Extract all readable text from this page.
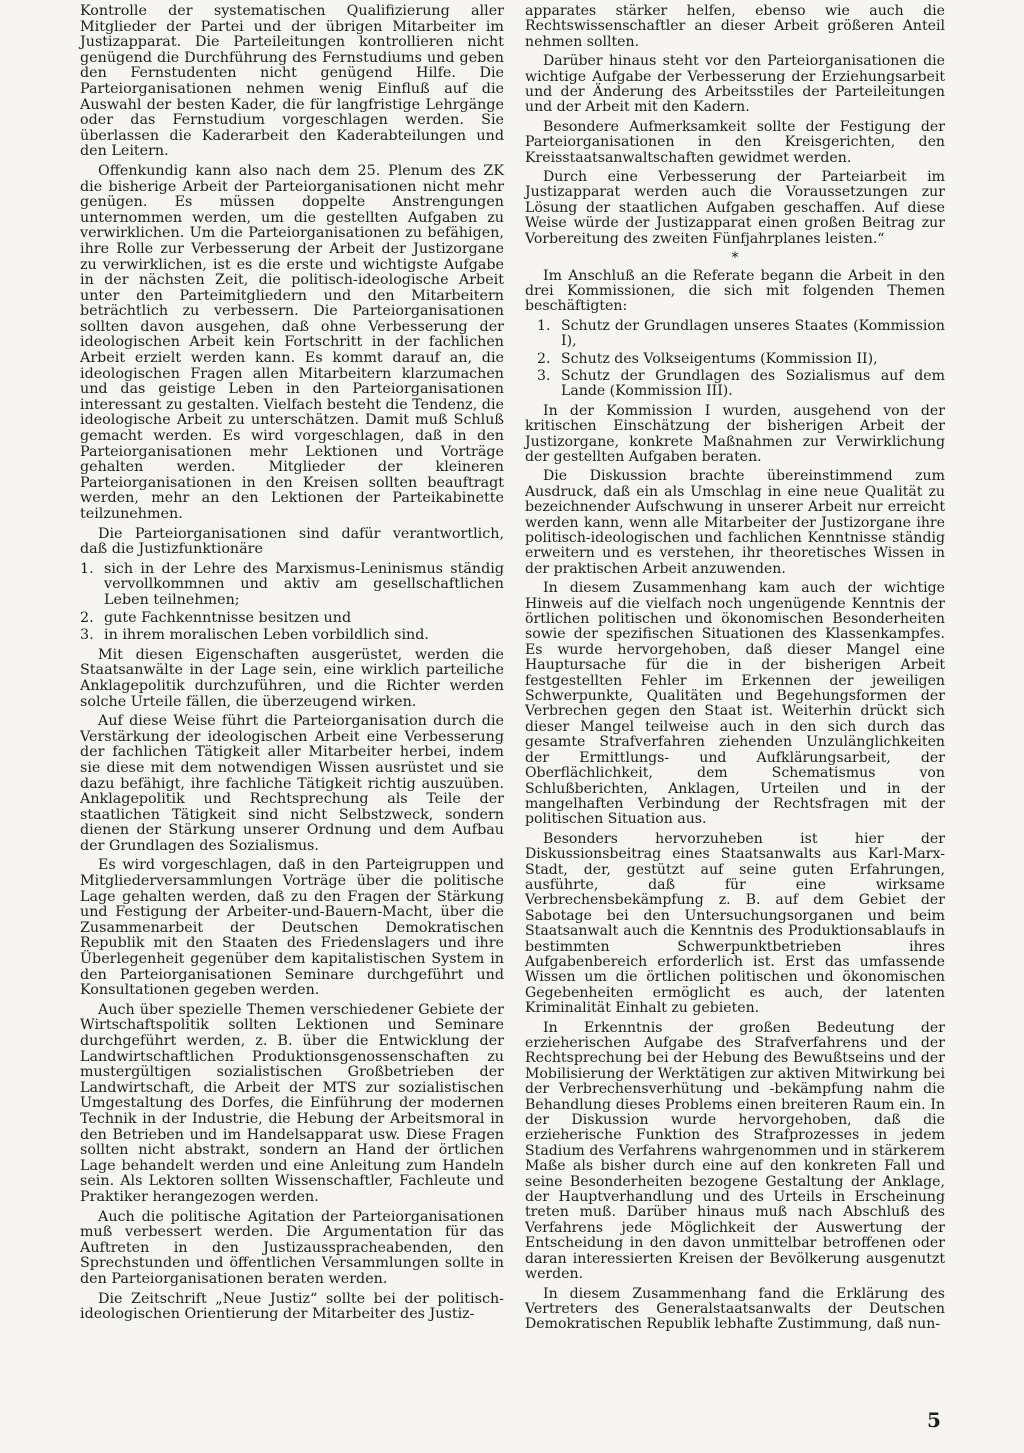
Kontrolle der systematischen Qualifizierung aller Mitglieder der Partei und der übrigen Mitarbeiter im Justizapparat. Die Parteileitungen kontrollieren nicht genügend die Durchführung des Fernstudiums und geben den Fernstudenten nicht genügend Hilfe. Die Parteiorganisationen nehmen wenig Einfluß auf die Auswahl der besten Kader, die für langfristige Lehrgänge oder das Fernstudium vorgeschlagen werden. Sie überlassen die Kaderarbeit den Kaderabteilungen und den Leitern.

Offenkundig kann also nach dem 25. Plenum des ZK die bisherige Arbeit der Parteiorganisationen nicht mehr genügen. Es müssen doppelte Anstrengungen unternommen werden, um die gestellten Aufgaben zu verwirklichen. Um die Parteiorganisationen zu befähigen, ihre Rolle zur Verbesserung der Arbeit der Justizorgane zu verwirklichen, ist es die erste und wichtigste Aufgabe in der nächsten Zeit, die politisch-ideologische Arbeit unter den Parteimitgliedern und den Mitarbeitern beträchtlich zu verbessern. Die Parteiorganisationen sollten davon ausgehen, daß ohne Verbesserung der ideologischen Arbeit kein Fortschritt in der fachlichen Arbeit erzielt werden kann. Es kommt darauf an, die ideologischen Fragen allen Mitarbeitern klarzumachen und das geistige Leben in den Parteiorganisationen interessant zu gestalten. Vielfach besteht die Tendenz, die ideologische Arbeit zu unterschätzen. Damit muß Schluß gemacht werden. Es wird vorgeschlagen, daß in den Parteiorganisationen mehr Lektionen und Vorträge gehalten werden. Mitglieder der kleineren Parteiorganisationen in den Kreisen sollten beauftragt werden, mehr an den Lektionen der Parteikabinette teilzunehmen.

Die Parteiorganisationen sind dafür verantwortlich, daß die Justizfunktionäre

1. sich in der Lehre des Marxismus-Leninismus ständig vervollkommnen und aktiv am gesellschaftlichen Leben teilnehmen;
2. gute Fachkenntnisse besitzen und
3. in ihrem moralischen Leben vorbildlich sind.

Mit diesen Eigenschaften ausgerüstet, werden die Staatsanwälte in der Lage sein, eine wirklich parteiliche Anklagepolitik durchzuführen, und die Richter werden solche Urteile fällen, die überzeugend wirken.

Auf diese Weise führt die Parteiorganisation durch die Verstärkung der ideologischen Arbeit eine Verbesserung der fachlichen Tätigkeit aller Mitarbeiter herbei, indem sie diese mit dem notwendigen Wissen ausrüstet und sie dazu befähigt, ihre fachliche Tätigkeit richtig auszuüben. Anklagepolitik und Rechtsprechung als Teile der staatlichen Tätigkeit sind nicht Selbstzweck, sondern dienen der Stärkung unserer Ordnung und dem Aufbau der Grundlagen des Sozialismus.

Es wird vorgeschlagen, daß in den Parteigruppen und Mitgliederversammlungen Vorträge über die politische Lage gehalten werden, daß zu den Fragen der Stärkung und Festigung der Arbeiter-und-Bauern-Macht, über die Zusammenarbeit der Deutschen Demokratischen Republik mit den Staaten des Friedenslagers und ihre Überlegenheit gegenüber dem kapitalistischen System in den Parteiorganisationen Seminare durchgeführt und Konsultationen gegeben werden.

Auch über spezielle Themen verschiedener Gebiete der Wirtschaftspolitik sollten Lektionen und Seminare durchgeführt werden, z. B. über die Entwicklung der Landwirtschaftlichen Produktionsgenossenschaften zu mustergültigen sozialistischen Großbetrieben der Landwirtschaft, die Arbeit der MTS zur sozialistischen Umgestaltung des Dorfes, die Einführung der modernen Technik in der Industrie, die Hebung der Arbeitsmoral in den Betrieben und im Handelsapparat usw. Diese Fragen sollten nicht abstrakt, sondern an Hand der örtlichen Lage behandelt werden und eine Anleitung zum Handeln sein. Als Lektoren sollten Wissenschaftler, Fachleute und Praktiker herangezogen werden.

Auch die politische Agitation der Parteiorganisationen muß verbessert werden. Die Argumentation für das Auftreten in den Justizaussprachеabenden, den Sprechstunden und öffentlichen Versammlungen sollte in den Parteiorganisationen beraten werden.

Die Zeitschrift „Neue Justiz“ sollte bei der politisch-ideologischen Orientierung der Mitarbeiter des Justiz-

apparates stärker helfen, ebenso wie auch die Rechtswissenschaftler an dieser Arbeit größeren Anteil nehmen sollten.

Darüber hinaus steht vor den Parteiorganisationen die wichtige Aufgabe der Verbesserung der Erziehungsarbeit und der Änderung des Arbeitsstiles der Parteileitungen und der Arbeit mit den Kadern.

Besondere Aufmerksamkeit sollte der Festigung der Parteiorganisationen in den Kreisgerichten, den Kreisstaatsanwaltschaften gewidmet werden.

Durch eine Verbesserung der Parteiarbeit im Justizapparat werden auch die Voraussetzungen zur Lösung der staatlichen Aufgaben geschaffen. Auf diese Weise würde der Justizapparat einen großen Beitrag zur Vorbereitung des zweiten Fünfjahrplanes leisten.“

*

Im Anschluß an die Referate begann die Arbeit in den drei Kommissionen, die sich mit folgenden Themen beschäftigten:

1. Schutz der Grundlagen unseres Staates (Kommission I),
2. Schutz des Volkseigentums (Kommission II),
3. Schutz der Grundlagen des Sozialismus auf dem Lande (Kommission III).

In der Kommission I wurden, ausgehend von der kritischen Einschätzung der bisherigen Arbeit der Justizorgane, konkrete Maßnahmen zur Verwirklichung der gestellten Aufgaben beraten.

Die Diskussion brachte übereinstimmend zum Ausdruck, daß ein als Umschlag in eine neue Qualität zu bezeichnender Aufschwung in unserer Arbeit nur erreicht werden kann, wenn alle Mitarbeiter der Justizorgane ihre politisch-ideologischen und fachlichen Kenntnisse ständig erweitern und es verstehen, ihr theoretisches Wissen in der praktischen Arbeit anzuwenden.

In diesem Zusammenhang kam auch der wichtige Hinweis auf die vielfach noch ungenügende Kenntnis der örtlichen politischen und ökonomischen Besonderheiten sowie der spezifischen Situationen des Klassenkampfes. Es wurde hervorgehoben, daß dieser Mangel eine Hauptursache für die in der bisherigen Arbeit festgestellten Fehler im Erkennen der jeweiligen Schwerpunkte, Qualitäten und Begehungsformen der Verbrechen gegen den Staat ist. Weiterhin drückt sich dieser Mangel teilweise auch in den sich durch das gesamte Strafverfahren ziehenden Unzulänglichkeiten der Ermittlungs- und Aufklärungsarbeit, der Oberflächlichkeit, dem Schematismus von Schlußberichten, Anklagen, Urteilen und in der mangelhaften Verbindung der Rechtsfragen mit der politischen Situation aus.

Besonders hervorzuheben ist hier der Diskussionsbeitrag eines Staatsanwalts aus Karl-Marx-Stadt, der, gestützt auf seine guten Erfahrungen, ausführte, daß für eine wirksame Verbrechensbekämpfung z. B. auf dem Gebiet der Sabotage bei den Untersuchungsorganen und beim Staatsanwalt auch die Kenntnis des Produktionsablaufs in bestimmten Schwerpunktbetrieben ihres Aufgabenbereich erforderlich ist. Erst das umfassende Wissen um die örtlichen politischen und ökonomischen Gegebenheiten ermöglicht es auch, der latenten Kriminalität Einhalt zu gebieten.

In Erkenntnis der großen Bedeutung der erzieherischen Aufgabe des Strafverfahrens und der Rechtsprechung bei der Hebung des Bewußtseins und der Mobilisierung der Werktätigen zur aktiven Mitwirkung bei der Verbrechensverhütung und -bekämpfung nahm die Behandlung dieses Problems einen breiteren Raum ein. In der Diskussion wurde hervorgehoben, daß die erzieherische Funktion des Strafprozesses in jedem Stadium des Verfahrens wahrgenommen und in stärkerem Maße als bisher durch eine auf den konkreten Fall und seine Besonderheiten bezogene Gestaltung der Anklage, der Hauptverhandlung und des Urteils in Erscheinung treten muß. Darüber hinaus muß nach Abschluß des Verfahrens jede Möglichkeit der Auswertung der Entscheidung in den davon unmittelbar betroffenen oder daran interessierten Kreisen der Bevölkerung ausgenutzt werden.

In diesem Zusammenhang fand die Erklärung des Vertreters des Generalstaatsanwalts der Deutschen Demokratischen Republik lebhafte Zustimmung, daß nun-

5
